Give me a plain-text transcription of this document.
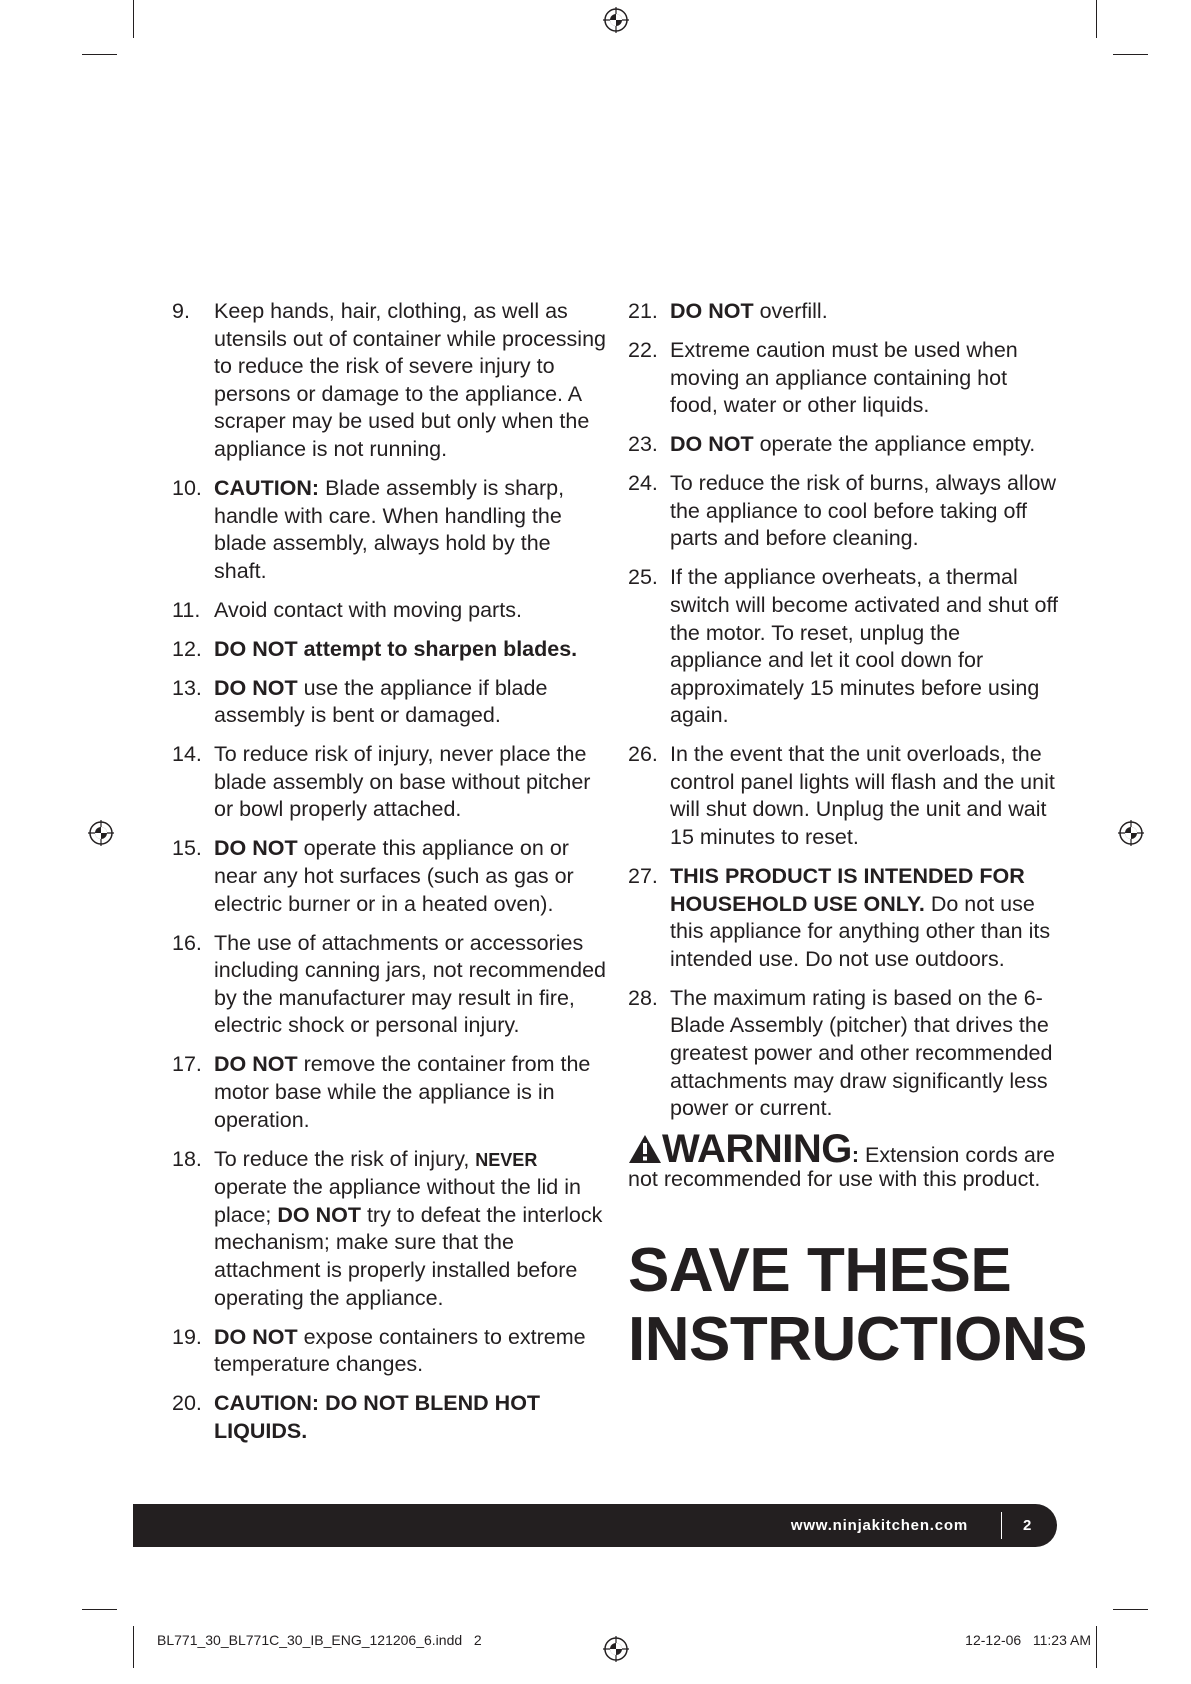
9. Keep hands, hair, clothing, as well as utensils out of container while processing to reduce the risk of severe injury to persons or damage to the appliance. A scraper may be used but only when the appliance is not running.
10. CAUTION: Blade assembly is sharp, handle with care. When handling the blade assembly, always hold by the shaft.
11. Avoid contact with moving parts.
12. DO NOT attempt to sharpen blades.
13. DO NOT use the appliance if blade assembly is bent or damaged.
14. To reduce risk of injury, never place the blade assembly on base without pitcher or bowl properly attached.
15. DO NOT operate this appliance on or near any hot surfaces (such as gas or electric burner or in a heated oven).
16. The use of attachments or accessories including canning jars, not recommended by the manufacturer may result in fire, electric shock or personal injury.
17. DO NOT remove the container from the motor base while the appliance is in operation.
18. To reduce the risk of injury, NEVER operate the appliance without the lid in place; DO NOT try to defeat the interlock mechanism; make sure that the attachment is properly installed before operating the appliance.
19. DO NOT expose containers to extreme temperature changes.
20. CAUTION: DO NOT BLEND HOT LIQUIDS.
21. DO NOT overfill.
22. Extreme caution must be used when moving an appliance containing hot food, water or other liquids.
23. DO NOT operate the appliance empty.
24. To reduce the risk of burns, always allow the appliance to cool before taking off parts and before cleaning.
25. If the appliance overheats, a thermal switch will become activated and shut off the motor. To reset, unplug the appliance and let it cool down for approximately 15 minutes before using again.
26. In the event that the unit overloads, the control panel lights will flash and the unit will shut down. Unplug the unit and wait 15 minutes to reset.
27. THIS PRODUCT IS INTENDED FOR HOUSEHOLD USE ONLY. Do not use this appliance for anything other than its intended use. Do not use outdoors.
28. The maximum rating is based on the 6-Blade Assembly (pitcher) that drives the greatest power and other recommended attachments may draw significantly less power or current.
WARNING: Extension cords are not recommended for use with this product.
SAVE THESE
INSTRUCTIONS
www.ninjakitchen.com	2
BL771_30_BL771C_30_IB_ENG_121206_6.indd   2	12-12-06   11:23 AM
